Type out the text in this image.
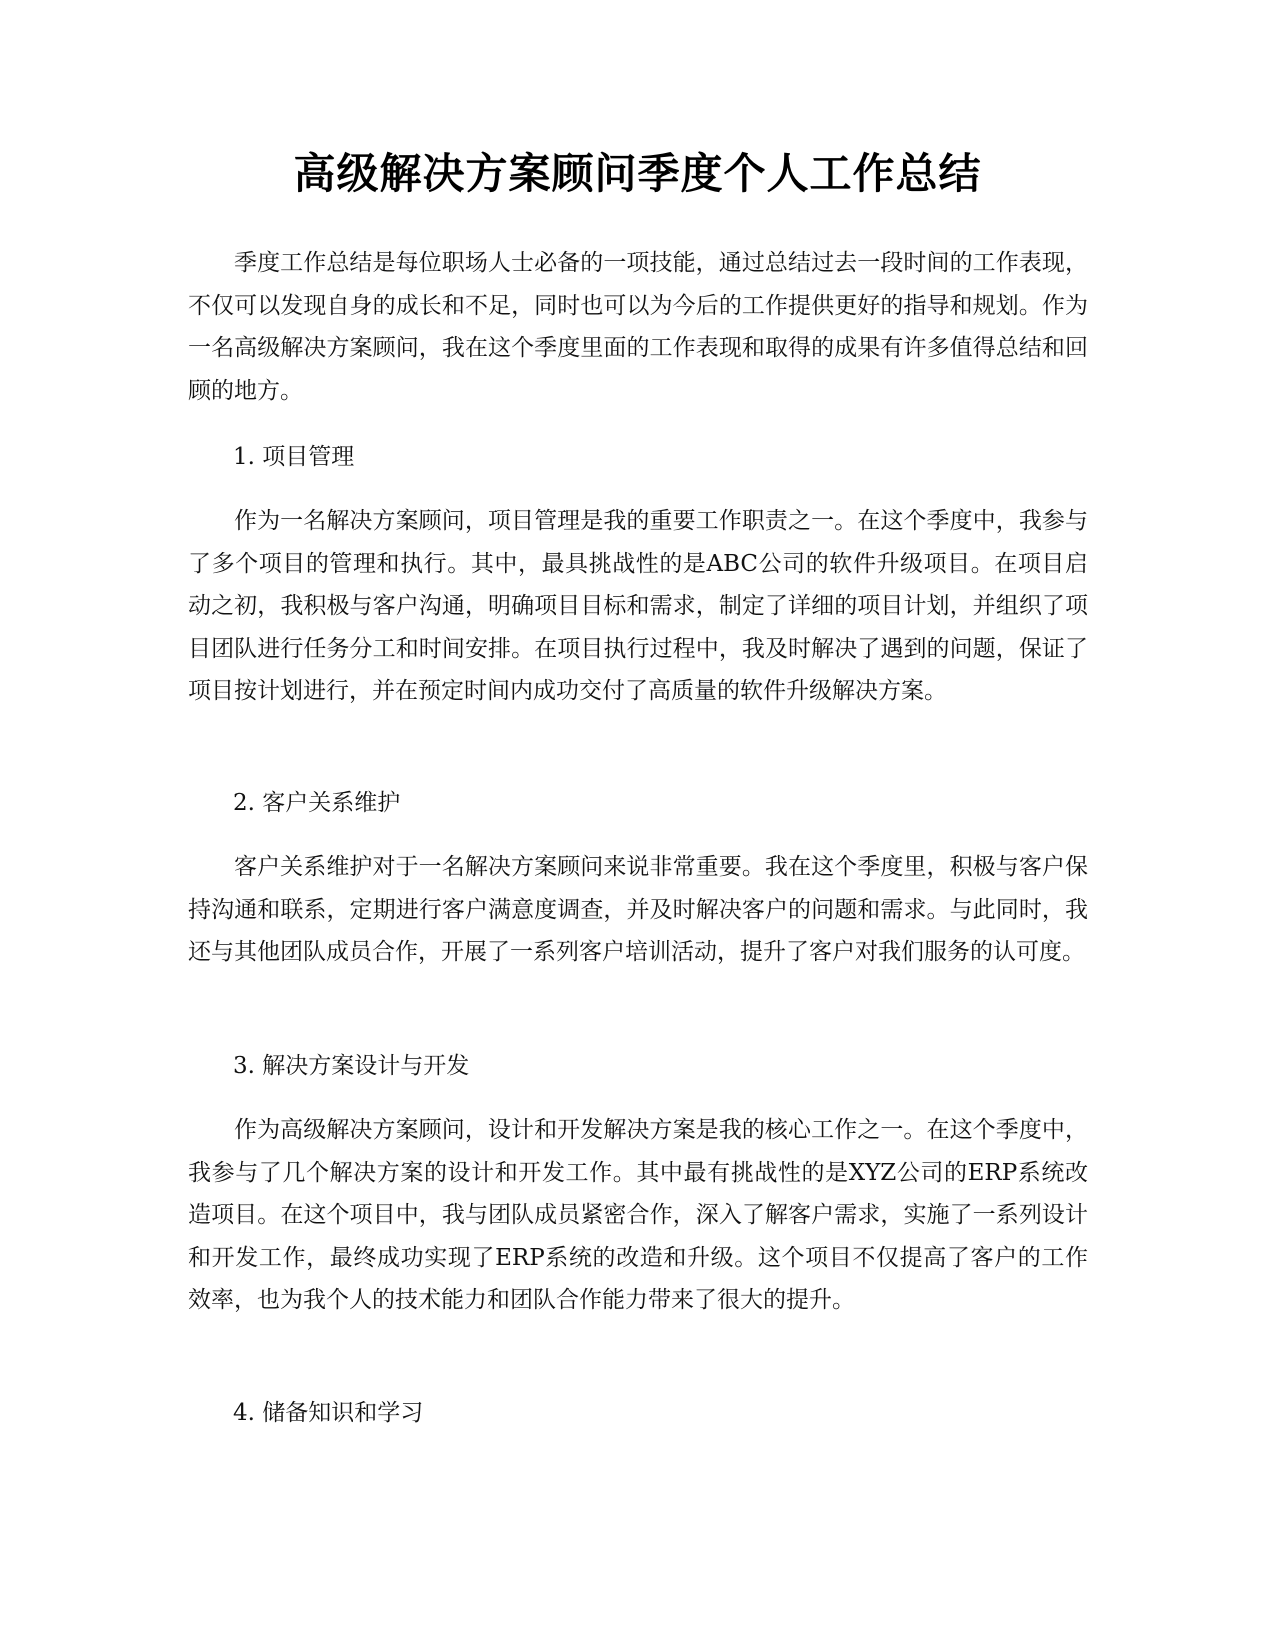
高级解决方案顾问季度个人工作总结

季度工作总结是每位职场人士必备的一项技能，通过总结过去一段时间的工作表现，不仅可以发现自身的成长和不足，同时也可以为今后的工作提供更好的指导和规划。作为一名高级解决方案顾问，我在这个季度里面的工作表现和取得的成果有许多值得总结和回顾的地方。

1. 项目管理

作为一名解决方案顾问，项目管理是我的重要工作职责之一。在这个季度中，我参与了多个项目的管理和执行。其中，最具挑战性的是ABC公司的软件升级项目。在项目启动之初，我积极与客户沟通，明确项目目标和需求，制定了详细的项目计划，并组织了项目团队进行任务分工和时间安排。在项目执行过程中，我及时解决了遇到的问题，保证了项目按计划进行，并在预定时间内成功交付了高质量的软件升级解决方案。

2. 客户关系维护

客户关系维护对于一名解决方案顾问来说非常重要。我在这个季度里，积极与客户保持沟通和联系，定期进行客户满意度调查，并及时解决客户的问题和需求。与此同时，我还与其他团队成员合作，开展了一系列客户培训活动，提升了客户对我们服务的认可度。

3. 解决方案设计与开发

作为高级解决方案顾问，设计和开发解决方案是我的核心工作之一。在这个季度中，我参与了几个解决方案的设计和开发工作。其中最有挑战性的是XYZ公司的ERP系统改造项目。在这个项目中，我与团队成员紧密合作，深入了解客户需求，实施了一系列设计和开发工作，最终成功实现了ERP系统的改造和升级。这个项目不仅提高了客户的工作效率，也为我个人的技术能力和团队合作能力带来了很大的提升。

4. 储备知识和学习
